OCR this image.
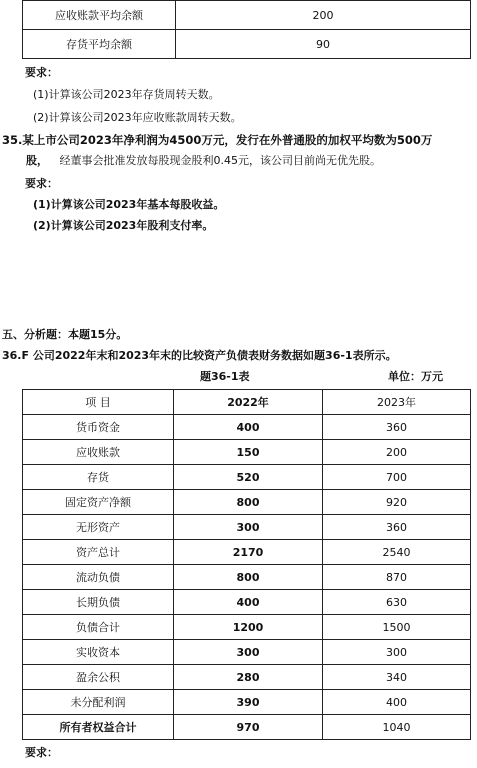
应收账款平均余额	200
存货平均余额	90
要求：
(1)计算该公司2023年存货周转天数。
(2)计算该公司2023年应收账款周转天数。
35.某上市公司2023年净利润为4500万元，发行在外普通股的加权平均数为500万
股， 经董事会批准发放每股现金股利0.45元，该公司目前尚无优先股。
要求：
(1)计算该公司2023年基本每股收益。
(2)计算该公司2023年股利支付率。
五、分析题：本题15分。
36.F 公司2022年末和2023年末的比较资产负债表财务数据如题36-1表所示。
题36-1表	单位：万元
项 目	2022年	2023年
货币资金	400	360
应收账款	150	200
存货	520	700
固定资产净额	800	920
无形资产	300	360
资产总计	2170	2540
流动负债	800	870
长期负债	400	630
负债合计	1200	1500
实收资本	300	300
盈余公积	280	340
未分配利润	390	400
所有者权益合计	970	1040
要求：
